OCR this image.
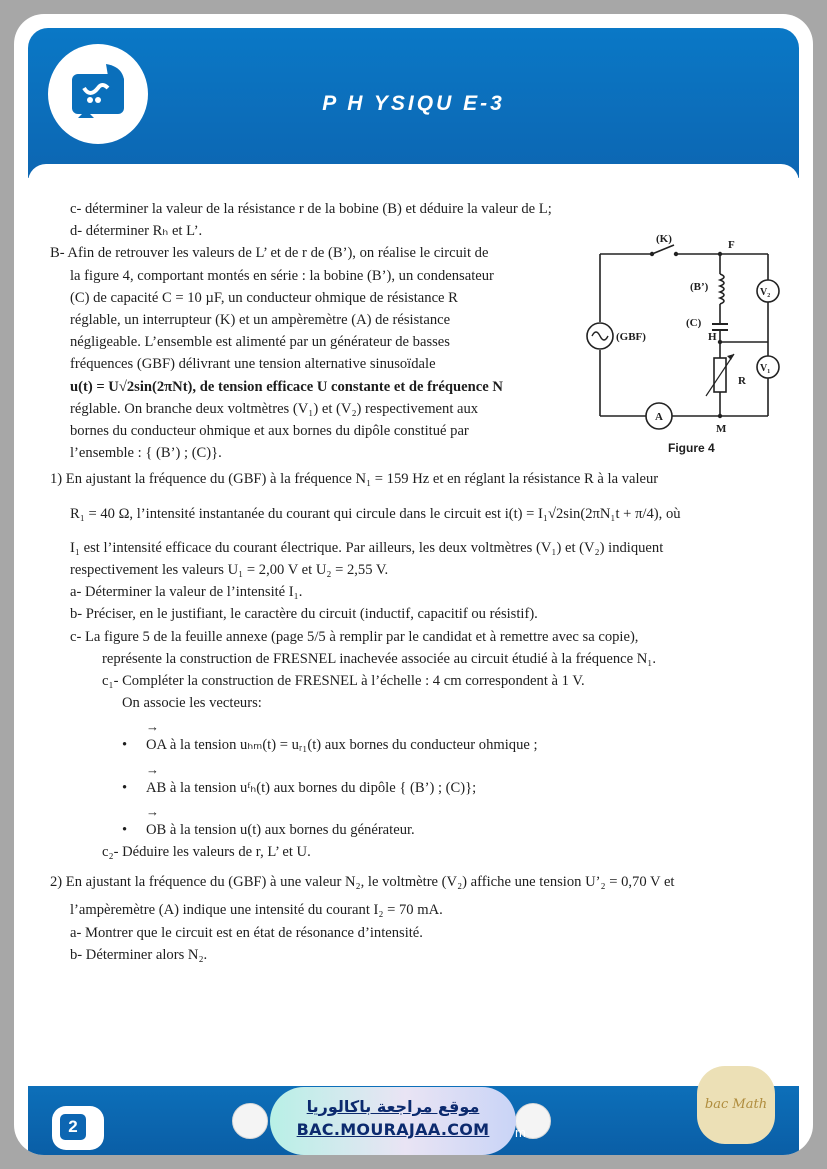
P H YSIQU E-3

c- déterminer la valeur de la résistance r de la bobine (B) et déduire la valeur de L;

d- déterminer Rₕ et L’.

B- Afin de retrouver les valeurs de L’ et de r de (B’), on réalise le circuit de

la figure 4, comportant montés en série : la bobine (B’), un condensateur

(C) de capacité C = 10 µF, un conducteur ohmique de résistance R

réglable, un interrupteur (K) et un ampèremètre (A) de résistance

négligeable. L’ensemble est alimenté par un générateur de basses

fréquences (GBF) délivrant une tension alternative sinusoïdale

u(t) = U√2sin(2πNt), de tension efficace U constante et de fréquence N

réglable. On branche deux voltmètres (V₁) et (V₂) respectivement aux

bornes du conducteur ohmique et aux bornes du dipôle constitué par

l’ensemble : { (B’) ; (C)}.

1) En ajustant la fréquence du (GBF) à la fréquence N₁ = 159 Hz et en réglant la résistance R à la valeur

R₁ = 40 Ω, l’intensité instantanée du courant qui circule dans le circuit est i(t) = I₁√2sin(2πN₁t + π/4), où

I₁ est l’intensité efficace du courant électrique. Par ailleurs, les deux voltmètres (V₁) et (V₂) indiquent

respectivement les valeurs U₁ = 2,00 V et U₂ = 2,55 V.

a- Déterminer la valeur de l’intensité I₁.

b- Préciser, en le justifiant, le caractère du circuit (inductif, capacitif ou résistif).

c- La figure 5 de la feuille annexe (page 5/5 à remplir par le candidat et à remettre avec sa copie),

représente la construction de FRESNEL inachevée associée au circuit étudié à la fréquence N₁.

c₁- Compléter la construction de FRESNEL à l’échelle : 4 cm correspondent à 1 V.

On associe les vecteurs:

→

• OA à la tension uₕₘ(t) = uᵣ₁(t) aux bornes du conducteur ohmique ;

→

• AB à la tension uᶠₕ(t) aux bornes du dipôle { (B’) ; (C)};

→

• OB à la tension u(t) aux bornes du générateur.

c₂- Déduire les valeurs de r, L’ et U.

2) En ajustant la fréquence du (GBF) à une valeur N₂, le voltmètre (V₂) affiche une tension U’₂ = 0,70 V et

l’ampèremètre (A) indique une intensité du courant I₂ = 70 mA.

a- Montrer que le circuit est en état de résonance d’intensité.

b- Déterminer alors N₂.

(K)	F
(B’)	V₂
(C)
H
(GBF)
R
V₁
A
M
Figure 4
2
موقع مراجعة باكالوريا
BAC.MOURAJAA.COM	m
bac Math
